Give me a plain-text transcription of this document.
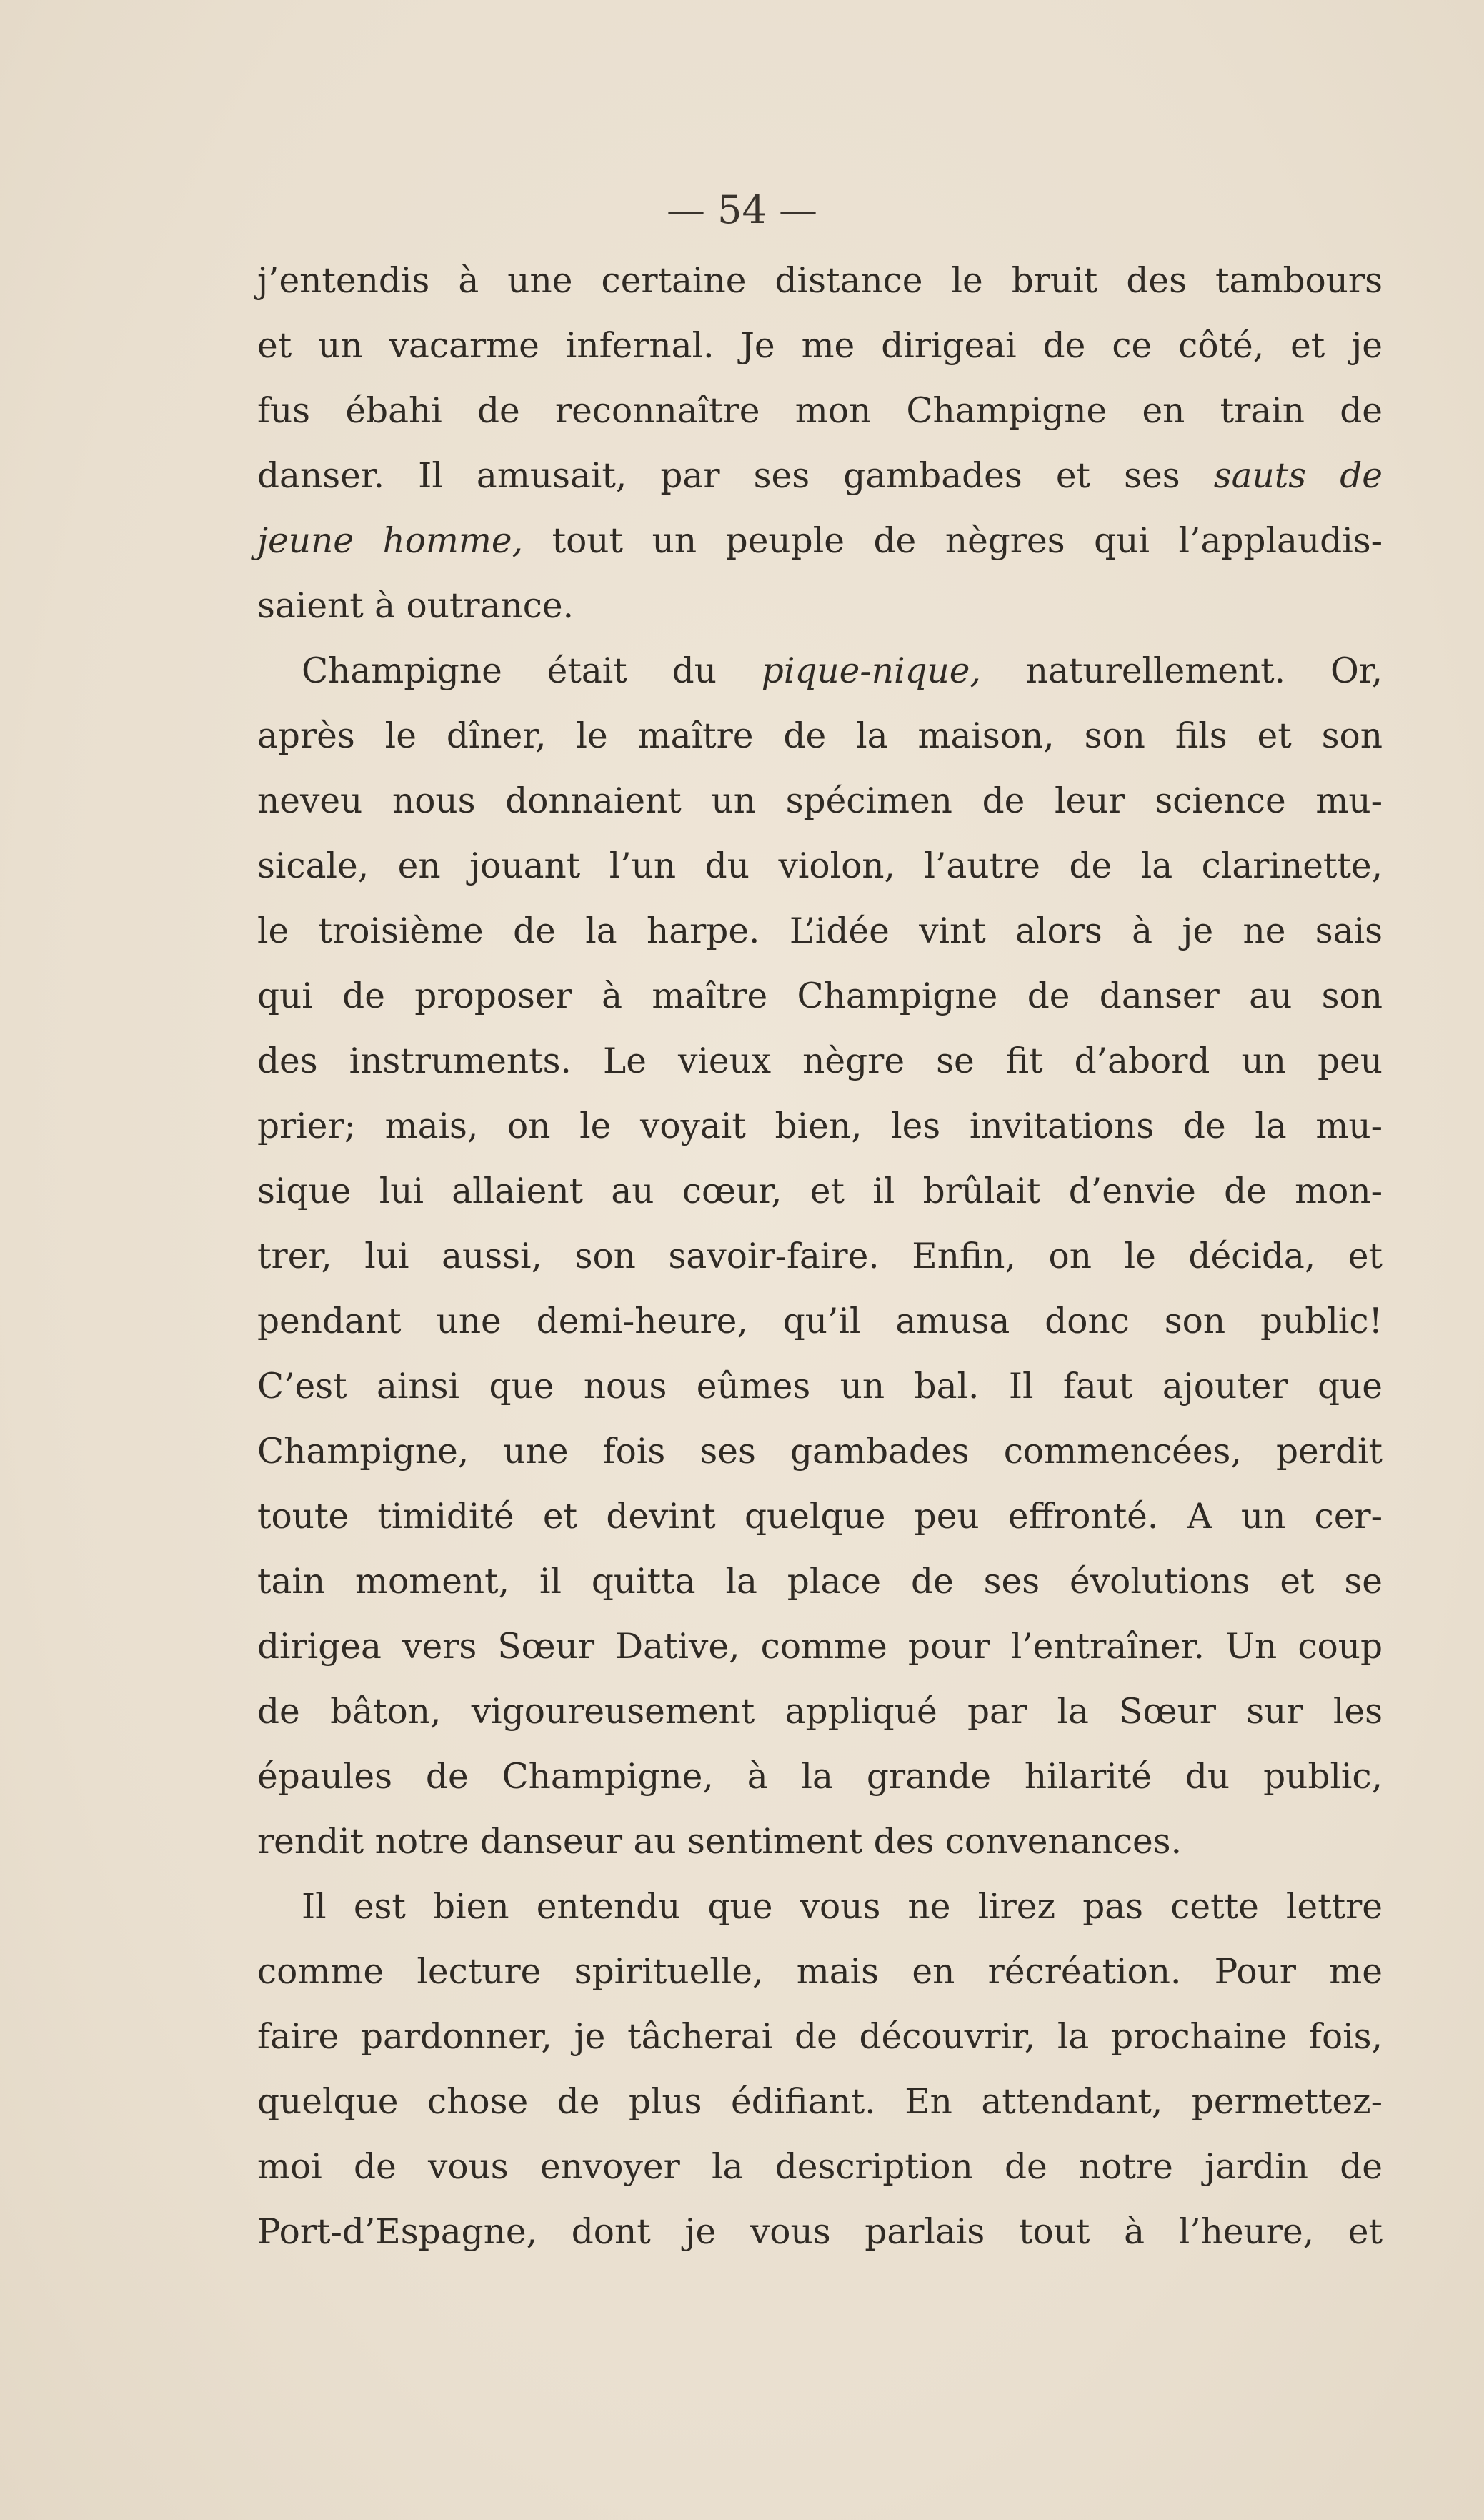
— 54 —
j’entendis à une certaine distance le bruit des tambours
et un vacarme infernal. Je me dirigeai de ce côté, et je
fus ébahi de reconnaître mon Champigne en train de
danser. Il amusait, par ses gambades et ses sauts de
jeune homme, tout un peuple de nègres qui l’applaudis-
saient à outrance.
Champigne était du pique-nique, naturellement. Or,
après le dîner, le maître de la maison, son fils et son
neveu nous donnaient un spécimen de leur science mu-
sicale, en jouant l’un du violon, l’autre de la clarinette,
le troisième de la harpe. L’idée vint alors à je ne sais
qui de proposer à maître Champigne de danser au son
des instruments. Le vieux nègre se fit d’abord un peu
prier; mais, on le voyait bien, les invitations de la mu-
sique lui allaient au cœur, et il brûlait d’envie de mon-
trer, lui aussi, son savoir-faire. Enfin, on le décida, et
pendant une demi-heure, qu’il amusa donc son public!
C’est ainsi que nous eûmes un bal. Il faut ajouter que
Champigne, une fois ses gambades commencées, perdit
toute timidité et devint quelque peu effronté. A un cer-
tain moment, il quitta la place de ses évolutions et se
dirigea vers Sœur Dative, comme pour l’entraîner. Un coup
de bâton, vigoureusement appliqué par la Sœur sur les
épaules de Champigne, à la grande hilarité du public,
rendit notre danseur au sentiment des convenances.
Il est bien entendu que vous ne lirez pas cette lettre
comme lecture spirituelle, mais en récréation. Pour me
faire pardonner, je tâcherai de découvrir, la prochaine fois,
quelque chose de plus édifiant. En attendant, permettez-
moi de vous envoyer la description de notre jardin de
Port-d’Espagne, dont je vous parlais tout à l’heure, et
